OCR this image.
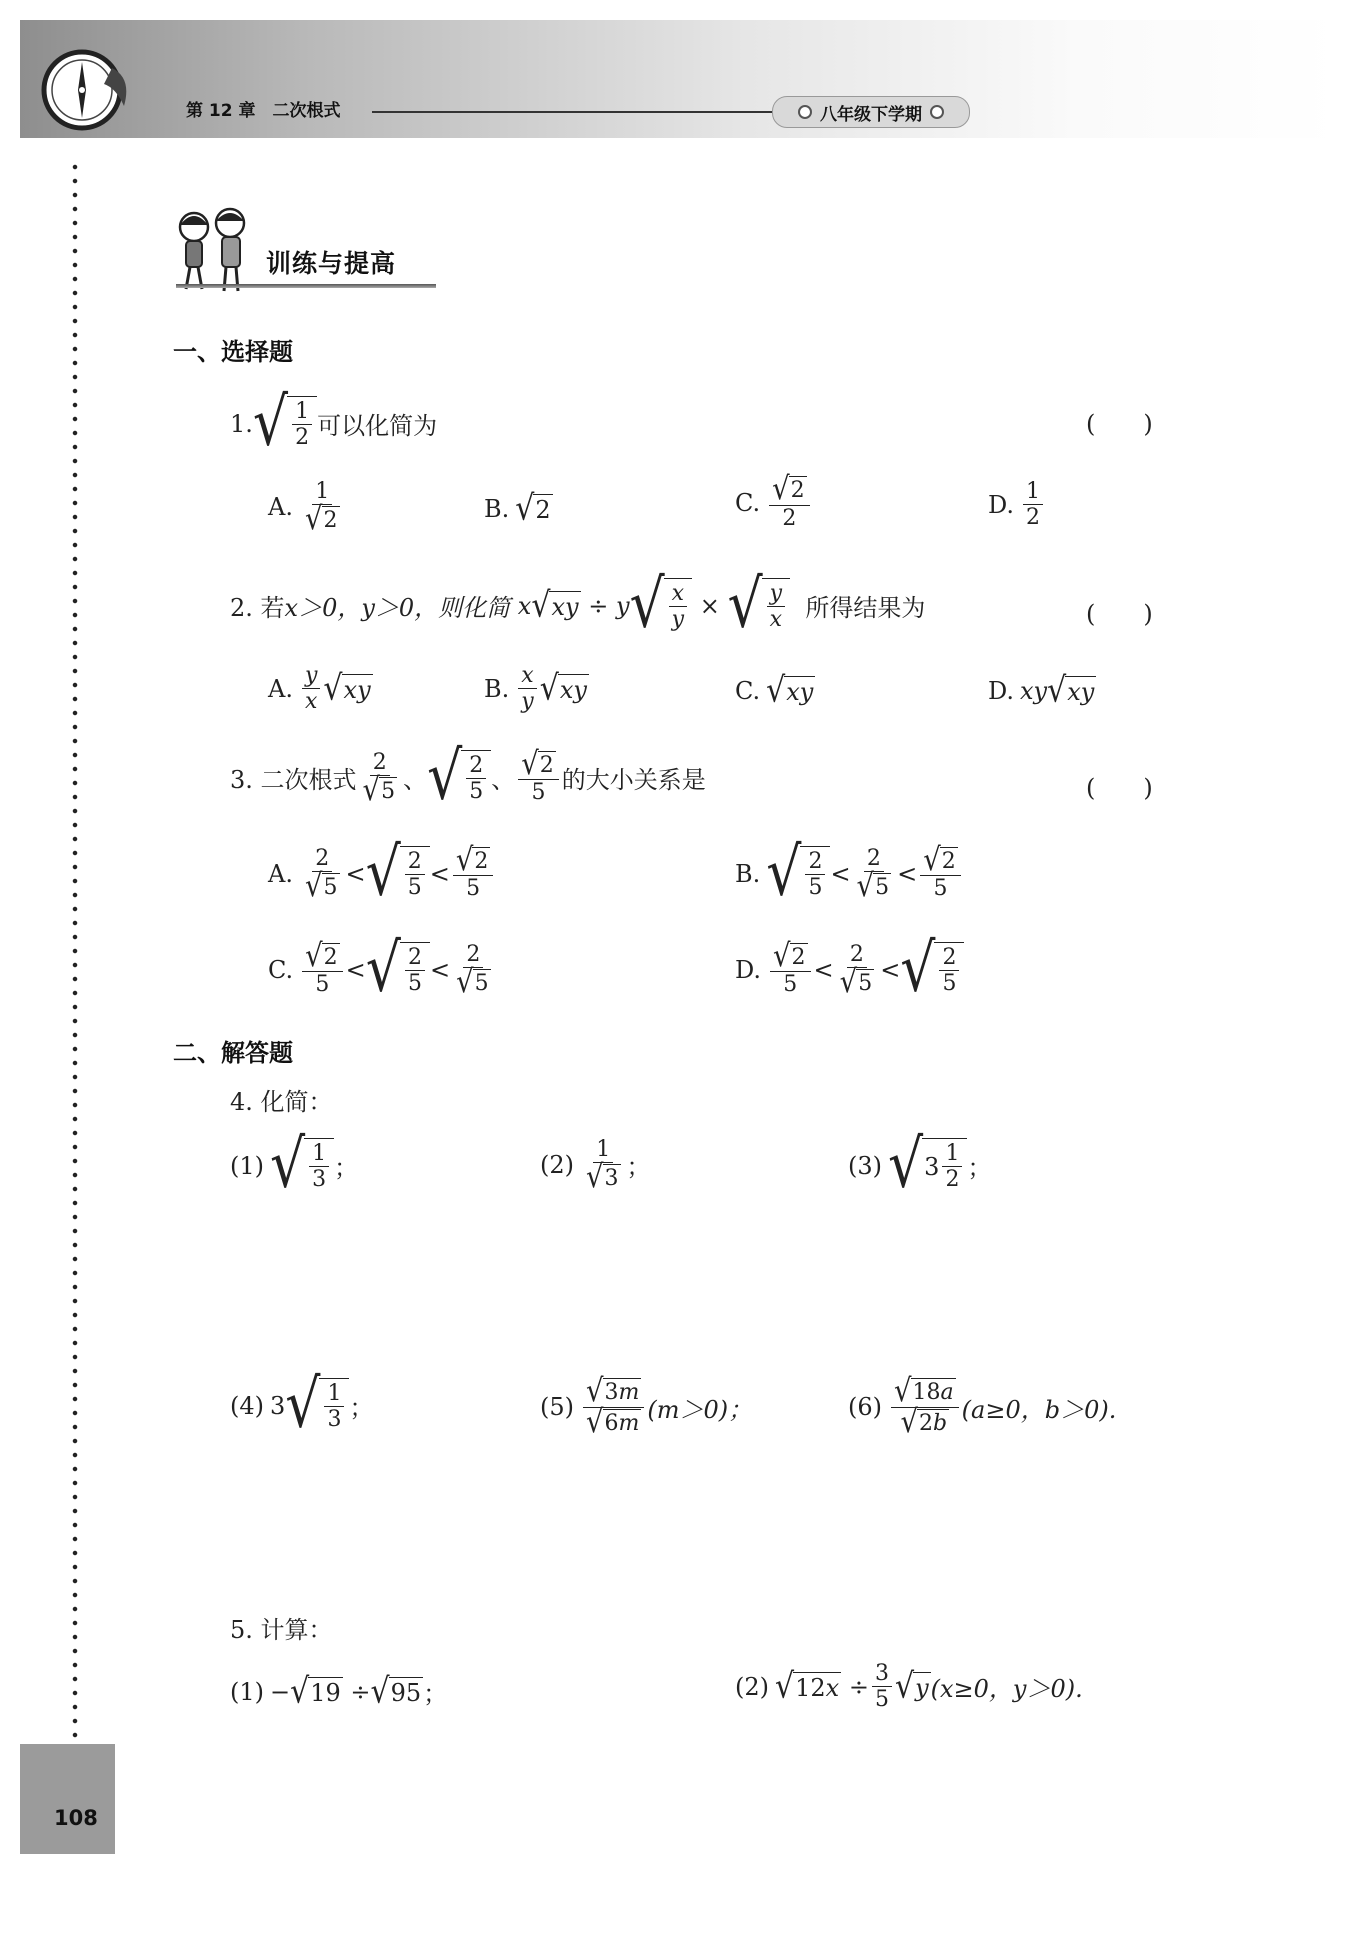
第 12 章　二次根式	八年级下学期
训练与提高
一、选择题
1. √ $\frac{1}{2}$ 可以化简为	(　　)
A. $\frac{1}{√ 2}$	B. √ 2	C. $\frac{√ 2}{2}$	D. $\frac{1}{2}$
2. 若 x＞0，y＞0，则化简 x √ xy ÷ y √ $\frac{x}{y}$ × √ $\frac{y}{x}$
所得结果为	(　　)
A. $\frac{y}{x}$ √ xy	B. $\frac{x}{y}$ √ xy	C. √ xy	D. xy √ xy
3. 二次根式 $\frac{2}{√ 5}$ 、 √ $\frac{2}{5}$ 、 $\frac{√ 2}{5}$ 的大小关系是	(　　)
A. $\frac{2}{√ 5}$ < √ $\frac{2}{5} < \frac{√ 2}{5}$	B. √ $\frac{2}{5} < \frac{2}{√ 5} < \frac{√ 2}{5}$
C. $\frac{√ 2}{5}$ < √ $\frac{2}{5} < \frac{2}{√ 5}$	D. $\frac{√ 2}{5} < \frac{2}{√ 5}$ < √ $\frac{2}{5}$
二、解答题
4. 化简：
(1) √ $\frac{1}{3}$ ；	$(2) \frac{1}{√ 3}$ ；	(3) √ $3 \frac{1}{2}$ ；
(4) 3 √ $\frac{1}{3}$ ；	$(5) \frac{√ 3 m}{√ 6 m} (m>0)$；	$(6) \frac{√ 18 a}{√ 2 b} (a\ge 0$，b＞0).
5. 计算：
(1) − √ 19 ÷ √ 95 ；	(2) √ 12 $x \div \frac{3}{5}$ √ y (x≥0，y＞0).
108
